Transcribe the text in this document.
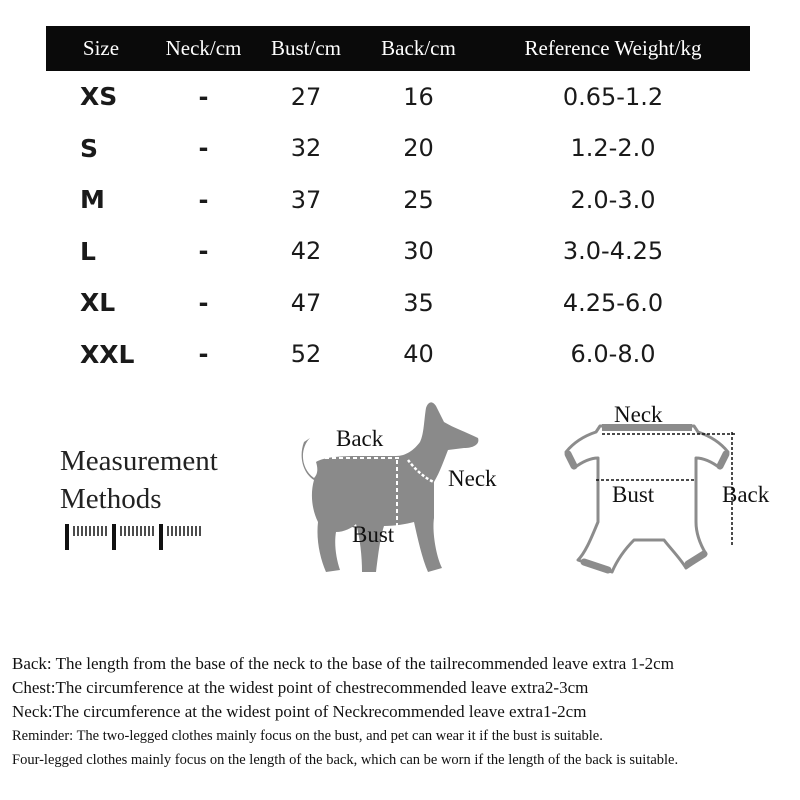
Size	Neck/cm	Bust/cm	Back/cm	Reference Weight/kg
XS	-	27	16	0.65-1.2
S	-	32	20	1.2-2.0
M	-	37	25	2.0-3.0
L	-	42	30	3.0-4.25
XL	-	47	35	4.25-6.0
XXL	-	52	40	6.0-8.0
Measurement
Methods
Back
Neck
Bust
Neck
Bust	Back
Back: The length from the base of the neck to the base of the tailrecommended leave extra 1-2cm
Chest:The circumference at the widest point of chestrecommended leave extra2-3cm
Neck:The circumference at the widest point of Neckrecommended leave extra1-2cm
Reminder: The two-legged clothes mainly focus on the bust, and pet can wear it if the bust is suitable.
Four-legged clothes mainly focus on the length of the back, which can be worn if the length of the back is suitable.
